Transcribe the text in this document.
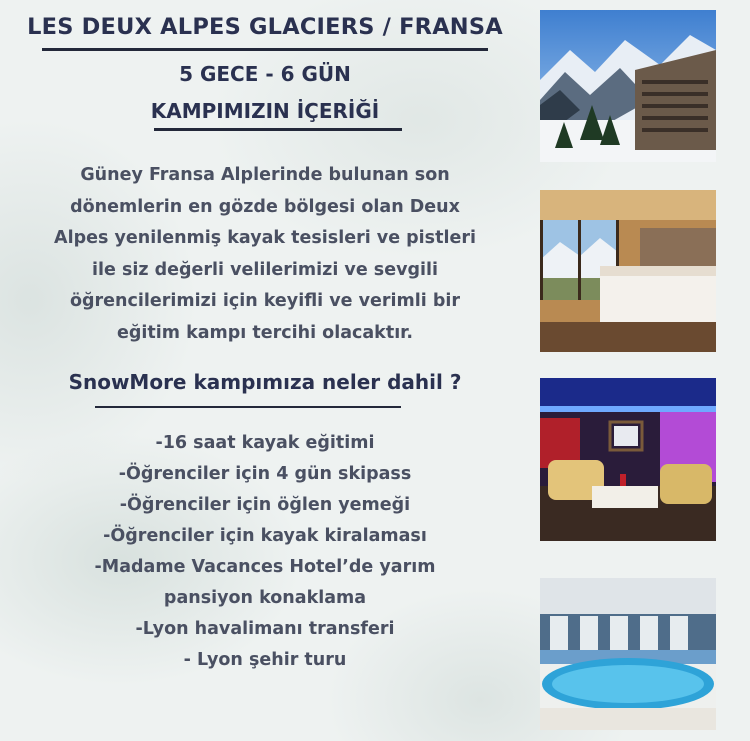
LES DEUX ALPES GLACIERS / FRANSA
5 GECE - 6 GÜN
KAMPIMIZIN İÇERİĞİ
Güney Fransa Alplerinde bulunan son
dönemlerin en gözde bölgesi olan Deux
Alpes yenilenmiş kayak tesisleri ve pistleri
ile siz değerli velilerimizi ve sevgili
öğrencilerimizi için keyifli ve verimli bir
eğitim kampı tercihi olacaktır.
SnowMore kampımıza neler dahil ?
-16 saat kayak eğitimi
-Öğrenciler için 4 gün skipass
-Öğrenciler için öğlen yemeği
-Öğrenciler için kayak kiralaması
-Madame Vacances Hotel’de yarım
pansiyon konaklama
-Lyon havalimanı transferi
- Lyon şehir turu
